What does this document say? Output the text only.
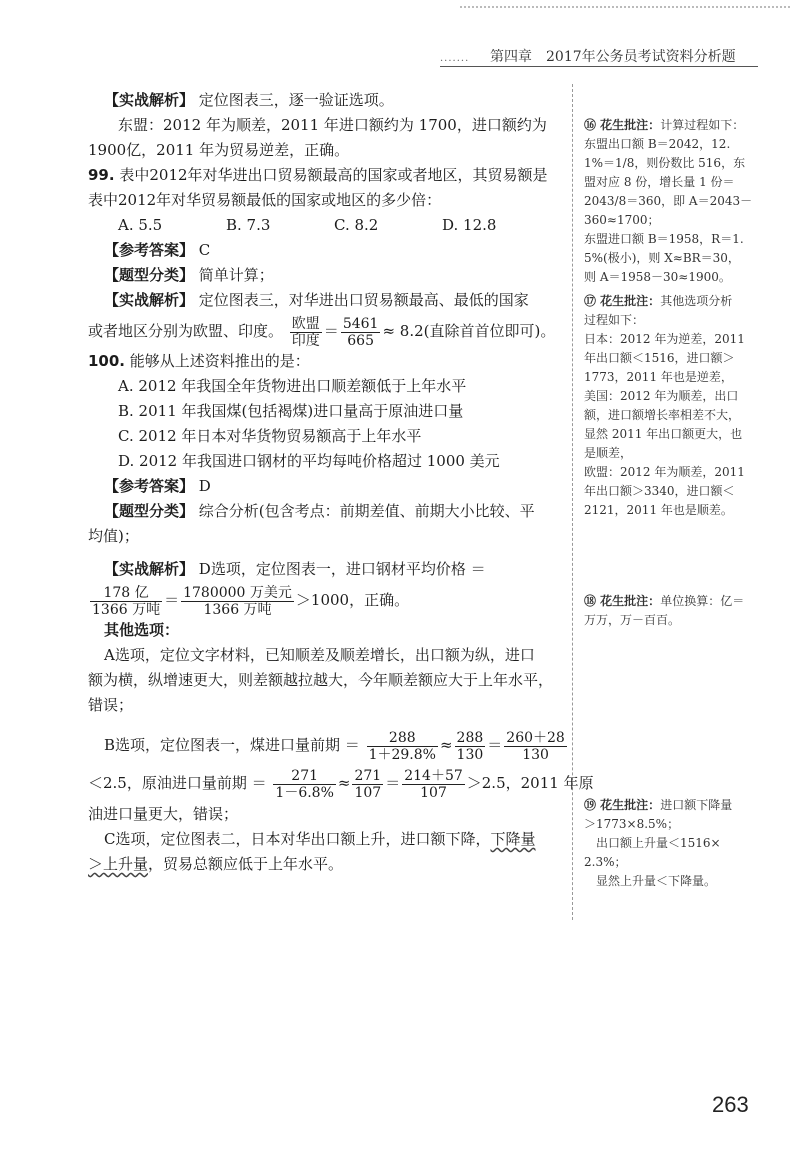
······· 第四章　2017年公务员考试资料分析题
【实战解析】 定位图表三，逐一验证选项。
东盟：2012 年为顺差，2011 年进口额约为 1700，进口额约为
1900亿，2011 年为贸易逆差，正确。
99. 表中2012年对华进出口贸易额最高的国家或者地区，其贸易额是
表中2012年对华贸易额最低的国家或地区的多少倍：
A. 5.5	B. 7.3	C. 8.2	D. 12.8
【参考答案】 C
【题型分类】 简单计算；
【实战解析】 定位图表三，对华进出口贸易额最高、最低的国家
或者地区分别为欧盟、印度。 $\frac{\text{欧盟}}{\text{印度}} = \frac{5461}{665} \approx 8.2$(直除首首位即可)。
100. 能够从上述资料推出的是：
A. 2012 年我国全年货物进出口顺差额低于上年水平
B. 2011 年我国煤(包括褐煤)进口量高于原油进口量
C. 2012 年日本对华货物贸易额高于上年水平
D. 2012 年我国进口钢材的平均每吨价格超过 1000 美元
【参考答案】 D
【题型分类】 综合分析(包含考点：前期差值、前期大小比较、平
均值)；
【实战解析】 D选项，定位图表一，进口钢材平均价格 ＝
$\frac{\text{178 亿}}{\text{1366 万吨}} = \frac{\text{1780000 万美元}}{\text{1366 万吨}} >1000$，正确。
其他选项：
A选项，定位文字材料，已知顺差及顺差增长，出口额为纵，进口
额为横，纵增速更大，则差额越拉越大，今年顺差额应大于上年水平，
错误；
B选项，定位图表一，煤进口量前期 ＝ $\frac{288}{1+29.8\%} \approx \frac{288}{130} = \frac{260+28}{130}$
＜2.5，原油进口量前期 ＝ $\frac{271}{1-6.8\%} \approx \frac{271}{107} = \frac{214+57}{107} >2.5$，2011 年原
油进口量更大，错误；
C选项，定位图表二，日本对华出口额上升，进口额下降，下降量
＞上升量，贸易总额应低于上年水平。

⑯ 花生批注：计算过程如下：

东盟出口额 B＝2042，12.

1%＝1/8，则份数比 516，东

盟对应 8 份，增长量 1 份＝

2043/8＝360，即 A＝2043－

360≈1700；

东盟进口额 B＝1958，R＝1.

5%(极小)，则 X≈BR＝30，

则 A＝1958－30≈1900。

⑰ 花生批注：其他选项分析

过程如下：

日本：2012 年为逆差，2011

年出口额＜1516，进口额＞

1773，2011 年也是逆差，

美国：2012 年为顺差，出口

额，进口额增长率相差不大，

显然 2011 年出口额更大，也

是顺差，

欧盟：2012 年为顺差，2011

年出口额＞3340，进口额＜

2121，2011 年也是顺差。

⑱ 花生批注：单位换算：亿＝

万万，万－百百。

⑲ 花生批注：进口额下降量

＞1773×8.5%；

出口额上升量＜1516×

2.3%；

显然上升量＜下降量。

263
